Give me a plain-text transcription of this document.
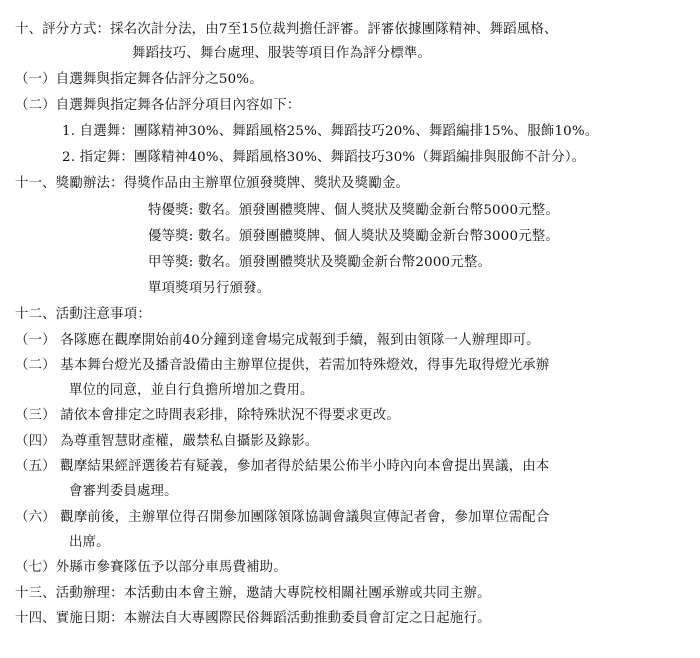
十、評分方式：採名次計分法，由7至15位裁判擔任評審。評審依據團隊精神、舞蹈風格、
舞蹈技巧、舞台處理、服裝等項目作為評分標準。
（一）自選舞與指定舞各佔評分之50%。
（二）自選舞與指定舞各佔評分項目內容如下：
1. 自選舞：團隊精神30%、舞蹈風格25%、舞蹈技巧20%、舞蹈編排15%、服飾10%。
2. 指定舞：團隊精神40%、舞蹈風格30%、舞蹈技巧30%（舞蹈編排與服飾不計分）。
十一、獎勵辦法：得獎作品由主辦單位頒發獎牌、獎狀及獎勵金。
特優獎: 數名。頒發團體獎牌、個人獎狀及獎勵金新台幣5000元整。
優等獎: 數名。頒發團體獎牌、個人獎狀及獎勵金新台幣3000元整。
甲等獎: 數名。頒發團體獎狀及獎勵金新台幣2000元整。
單項獎項另行頒發。
十二、活動注意事項：
（一） 各隊應在觀摩開始前40分鐘到達會場完成報到手續，報到由領隊一人辦理即可。
（二） 基本舞台燈光及播音設備由主辦單位提供，若需加特殊燈效，得事先取得燈光承辦
單位的同意，並自行負擔所增加之費用。
（三） 請依本會排定之時間表彩排，除特殊狀況不得要求更改。
（四） 為尊重智慧財產權，嚴禁私自攝影及錄影。
（五） 觀摩結果經評選後若有疑義，參加者得於結果公佈半小時內向本會提出異議，由本
會審判委員處理。
（六） 觀摩前後，主辦單位得召開參加團隊領隊協調會議與宣傳記者會，參加單位需配合
出席。
（七）外縣市參賽隊伍予以部分車馬費補助。
十三、活動辦理：本活動由本會主辦，邀請大專院校相關社團承辦或共同主辦。
十四、實施日期：本辦法自大專國際民俗舞蹈活動推動委員會訂定之日起施行。
